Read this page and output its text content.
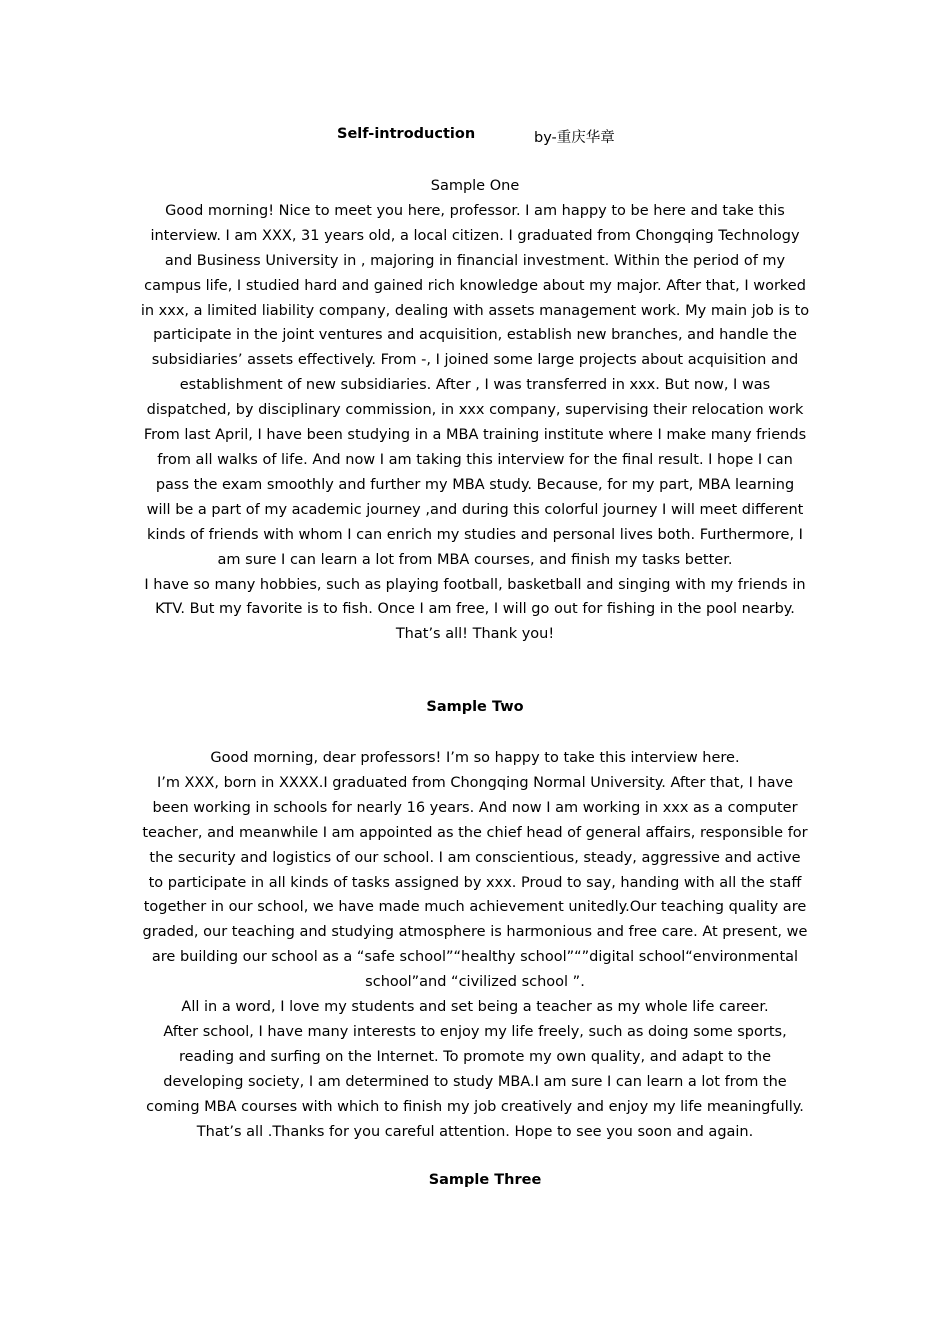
Self-introduction	by-重庆华章
Sample One
Good morning! Nice to meet you here, professor. I am happy to be here and take this
interview. I am XXX, 31 years old, a local citizen. I graduated from Chongqing Technology
and Business University in , majoring in financial investment. Within the period of my
campus life, I studied hard and gained rich knowledge about my major. After that, I worked
in xxx, a limited liability company, dealing with assets management work. My main job is to
participate in the joint ventures and acquisition, establish new branches, and handle the
subsidiaries’ assets effectively. From -, I joined some large projects about acquisition and
establishment of new subsidiaries. After , I was transferred in xxx. But now, I was
dispatched, by disciplinary commission, in xxx company, supervising their relocation work
From last April, I have been studying in a MBA training institute where I make many friends
from all walks of life. And now I am taking this interview for the final result. I hope I can
pass the exam smoothly and further my MBA study. Because, for my part, MBA learning
will be a part of my academic journey ,and during this colorful journey I will meet different
kinds of friends with whom I can enrich my studies and personal lives both. Furthermore, I
am sure I can learn a lot from MBA courses, and finish my tasks better.
I have so many hobbies, such as playing football, basketball and singing with my friends in
KTV. But my favorite is to fish. Once I am free, I will go out for fishing in the pool nearby.
That’s all! Thank you!
Sample Two
Good morning, dear professors! I’m so happy to take this interview here.
I’m XXX, born in XXXX.I graduated from Chongqing Normal University. After that, I have
been working in schools for nearly 16 years. And now I am working in xxx as a computer
teacher, and meanwhile I am appointed as the chief head of general affairs, responsible for
the security and logistics of our school. I am conscientious, steady, aggressive and active
to participate in all kinds of tasks assigned by xxx. Proud to say, handing with all the staff
together in our school, we have made much achievement unitedly.Our teaching quality are
graded, our teaching and studying atmosphere is harmonious and free care. At present, we
are building our school as a “safe school”“healthy school”“”digital school“environmental
school”and “civilized school ”.
All in a word, I love my students and set being a teacher as my whole life career.
After school, I have many interests to enjoy my life freely, such as doing some sports,
reading and surfing on the Internet. To promote my own quality, and adapt to the
developing society, I am determined to study MBA.I am sure I can learn a lot from the
coming MBA courses with which to finish my job creatively and enjoy my life meaningfully.
That’s all .Thanks for you careful attention. Hope to see you soon and again.
Sample Three
